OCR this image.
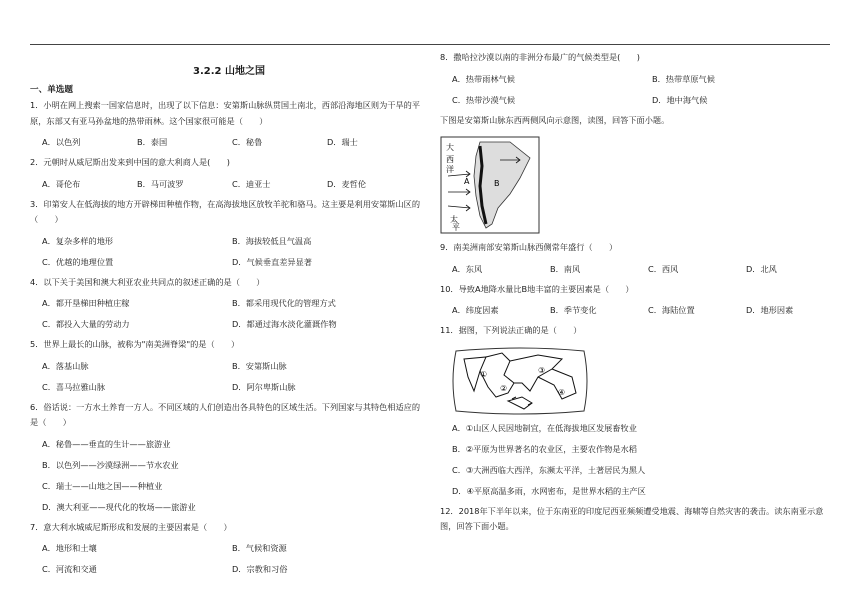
3.2.2 山地之国
一、单选题
1．小明在网上搜索一国家信息时，出现了以下信息：安第斯山脉纵贯国土南北，西部沿海地区则为干旱的平原，东部又有亚马孙盆地的热带雨林。这个国家很可能是（　　）
A．以色列	B．泰国	C．秘鲁	D．瑞士
2．元朝时从威尼斯出发来到中国的意大利商人是(　　)
A．哥伦布	B．马可波罗	C．迪亚士	D．麦哲伦
3．印第安人在低海拔的地方开辟梯田种植作物，在高海拔地区放牧羊驼和骆马。这主要是利用安第斯山区的（　　）
A．复杂多样的地形	B．海拔较低且气温高
C．优越的地理位置	D．气候垂直差异显著
4．以下关于美国和澳大利亚农业共同点的叙述正确的是（　　）
A．都开垦梯田种植庄稼	B．都采用现代化的管理方式
C．都投入大量的劳动力	D．都通过海水淡化灌溉作物
5．世界上最长的山脉，被称为"南美洲脊梁"的是（　　）
A．落基山脉	B．安第斯山脉
C．喜马拉雅山脉	D．阿尔卑斯山脉
6．俗话说：一方水土养育一方人。不同区域的人们创造出各具特色的区域生活。下列国家与其特色相适应的是（　　）
A．秘鲁——垂直的生计——旅游业
B．以色列——沙漠绿洲——节水农业
C．瑞士——山地之国——种植业
D．澳大利亚——现代化的牧场——旅游业
7．意大利水城威尼斯形成和发展的主要因素是（　　）
A．地形和土壤	B．气候和资源
C．河流和交通	D．宗教和习俗
8．撒哈拉沙漠以南的非洲分布最广的气候类型是(　　)
A．热带雨林气候	B．热带草原气候
C．热带沙漠气候	D．地中海气候
下图是安第斯山脉东西两侧风向示意图，读图，回答下面小题。
大
西
洋
太
平
A	B
9．南美洲南部安第斯山脉西侧常年盛行（　　）
A．东风	B．南风	C．西风	D．北风
10．导致A地降水量比B地丰富的主要因素是（　　）
A．纬度因素	B．季节变化	C．海陆位置	D．地形因素
11．据图，下列说法正确的是（　　）
①
②
③
④
A．①山区人民因地制宜，在低海拔地区发展畜牧业
B．②平原为世界著名的农业区，主要农作物是水稻
C．③大洲西临大西洋，东濒太平洋，土著居民为黑人
D．④平原高温多雨，水网密布，是世界水稻的主产区
12．2018年下半年以来，位于东南亚的印度尼西亚频频遭受地震、海啸等自然灾害的袭击。读东南亚示意图，回答下面小题。
